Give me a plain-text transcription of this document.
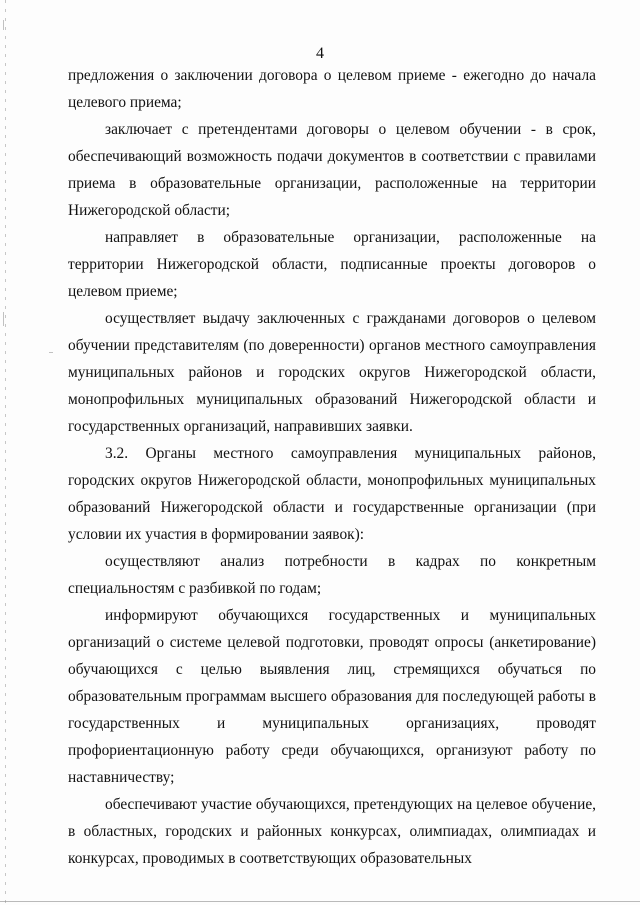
4

предложения о заключении договора о целевом приеме - ежегодно до начала целевого приема;

заключает с претендентами договоры о целевом обучении - в срок, обеспечивающий возможность подачи документов в соответствии с правилами приема в образовательные организации, расположенные на территории Нижегородской области;

направляет в образовательные организации, расположенные на территории Нижегородской области, подписанные проекты договоров о целевом приеме;

осуществляет выдачу заключенных с гражданами договоров о целевом обучении представителям (по доверенности) органов местного самоуправления муниципальных районов и городских округов Нижегородской области, монопрофильных муниципальных образований Нижегородской области и государственных организаций, направивших заявки.

3.2. Органы местного самоуправления муниципальных районов, городских округов Нижегородской области, монопрофильных муниципальных образований Нижегородской области и государственные организации (при условии их участия в формировании заявок):

осуществляют анализ потребности в кадрах по конкретным специальностям с разбивкой по годам;

информируют обучающихся государственных и муниципальных организаций о системе целевой подготовки, проводят опросы (анкетирование) обучающихся с целью выявления лиц, стремящихся обучаться по образовательным программам высшего образования для последующей работы в государственных и муниципальных организациях, проводят профориентационную работу среди обучающихся, организуют работу по наставничеству;

обеспечивают участие обучающихся, претендующих на целевое обучение, в областных, городских и районных конкурсах, олимпиадах, олимпиадах и конкурсах, проводимых в соответствующих образовательных
